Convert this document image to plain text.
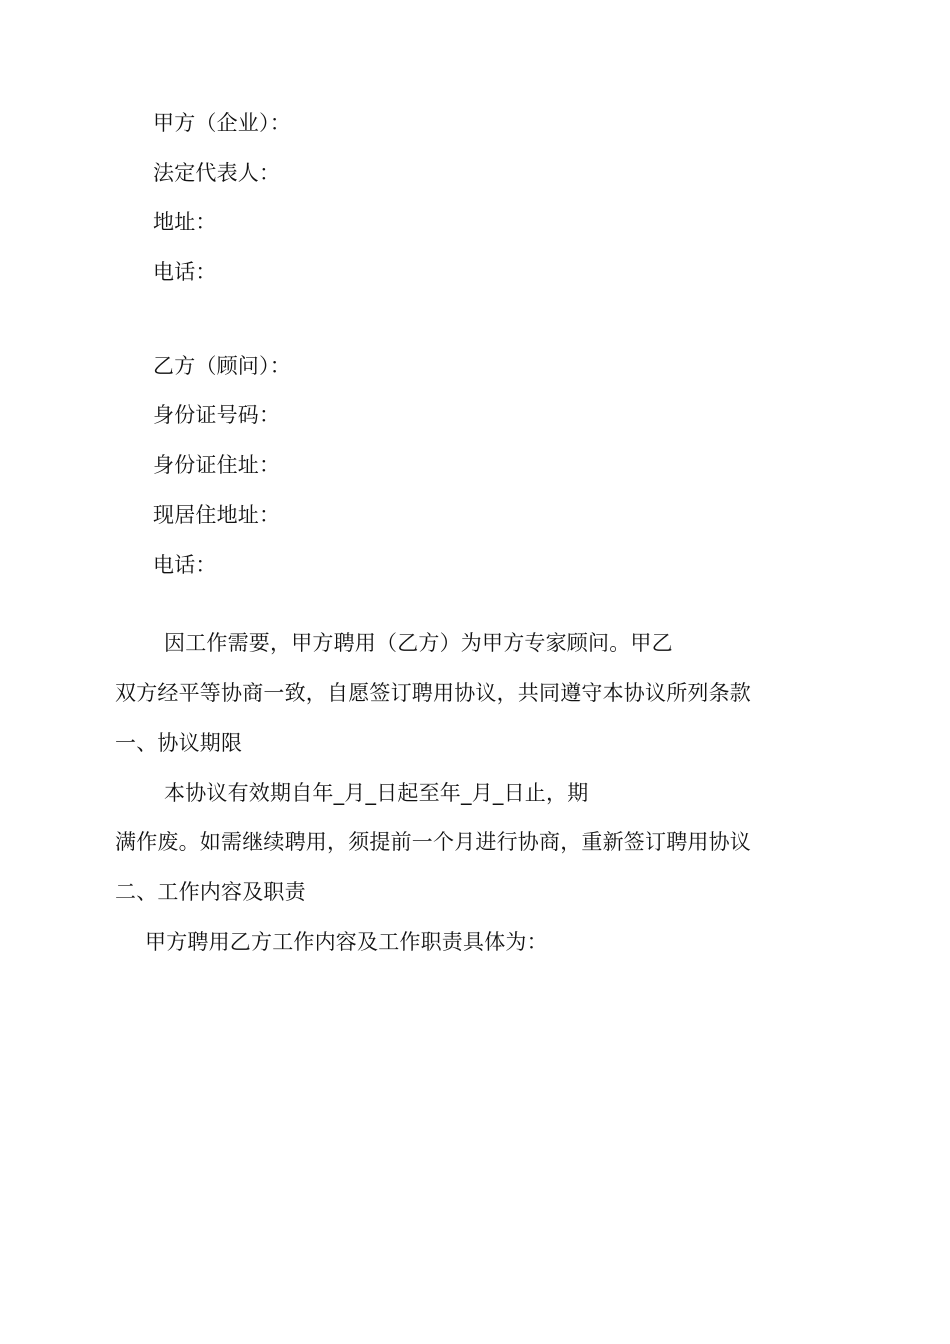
甲方（企业）：
法定代表人：
地址：
电话：
乙方（顾问）：
身份证号码：
身份证住址：
现居住地址：
电话：
因工作需要，甲方聘用（乙方）为甲方专家顾问。甲乙
双方经平等协商一致，自愿签订聘用协议，共同遵守本协议所列条款
一、协议期限
本协议有效期自年_月_日起至年_月_日止，期
满作废。如需继续聘用，须提前一个月进行协商，重新签订聘用协议
二、工作内容及职责
甲方聘用乙方工作内容及工作职责具体为：
